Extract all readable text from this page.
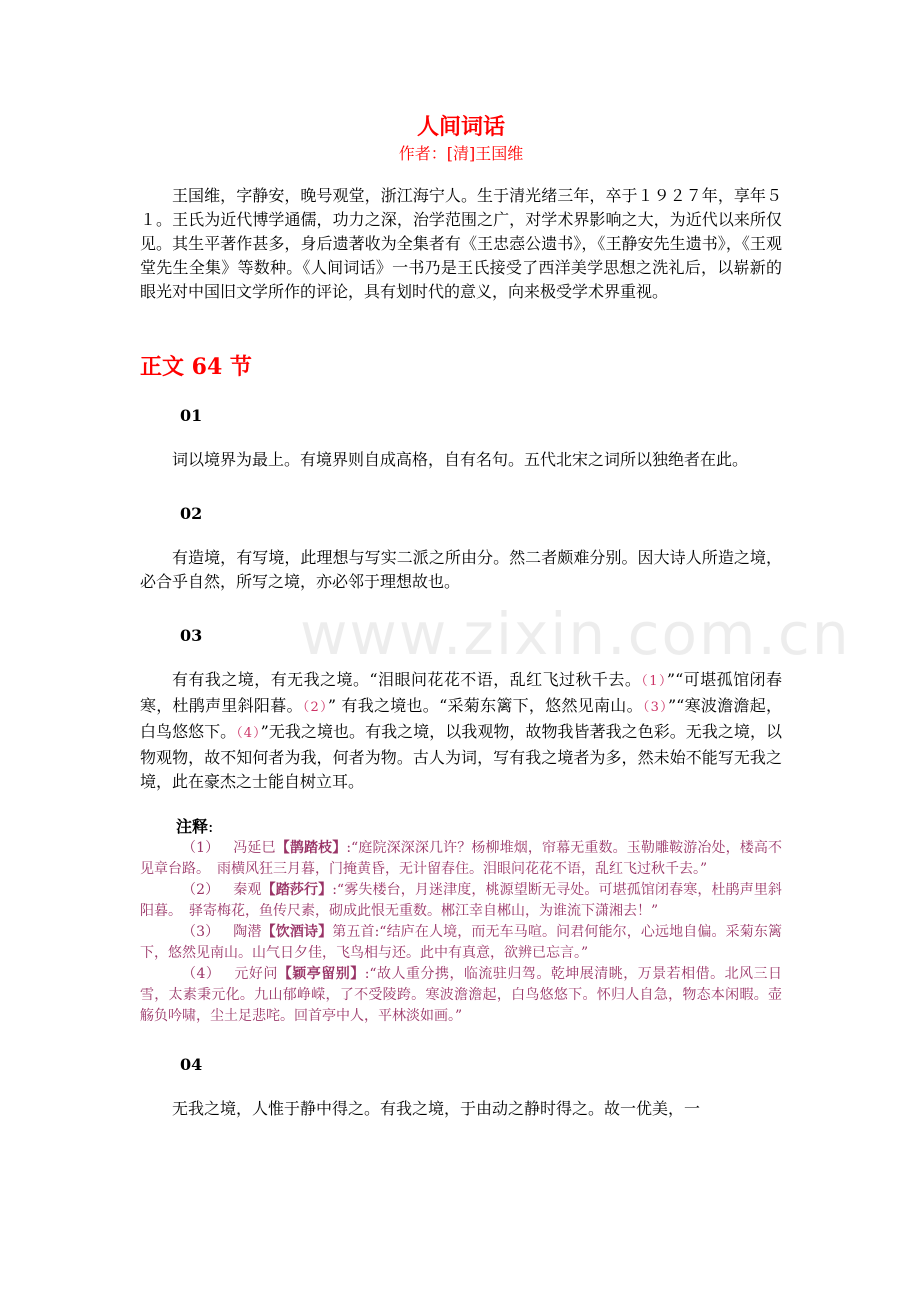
www.zixin.com.cn
人间词话
作者：[清]王国维

王国维，字静安，晚号观堂，浙江海宁人。生于清光绪三年，卒于１９２７年，享年５１。王氏为近代博学通儒，功力之深，治学范围之广，对学术界影响之大，为近代以来所仅见。其生平著作甚多，身后遗著收为全集者有《王忠悫公遗书》，《王静安先生遗书》，《王观堂先生全集》等数种。《人间词话》一书乃是王氏接受了西洋美学思想之洗礼后，以崭新的眼光对中国旧文学所作的评论，具有划时代的意义，向来极受学术界重视。

正文 64 节
01

词以境界为最上。有境界则自成高格，自有名句。五代北宋之词所以独绝者在此。

02

有造境，有写境，此理想与写实二派之所由分。然二者颇难分别。因大诗人所造之境，必合乎自然，所写之境，亦必邻于理想故也。

03

有有我之境，有无我之境。“泪眼问花花不语，乱红飞过秋千去。（1）”“可堪孤馆闭春寒，杜鹃声里斜阳暮。（2）” 有我之境也。“采菊东篱下，悠然见南山。（3）”“寒波澹澹起，白鸟悠悠下。（4）”无我之境也。有我之境，以我观物，故物我皆著我之色彩。无我之境，以物观物，故不知何者为我，何者为物。古人为词，写有我之境者为多，然未始不能写无我之境，此在豪杰之士能自树立耳。

注释:

（1） 冯延巳【鹊踏枝】:“庭院深深深几许？杨柳堆烟，帘幕无重数。玉勒雕鞍游冶处，楼高不见章台路。　雨横风狂三月暮，门掩黄昏，无计留春住。泪眼问花花不语，乱红飞过秋千去。”

（2） 秦观【踏莎行】:“雾失楼台，月迷津度，桃源望断无寻处。可堪孤馆闭春寒，杜鹃声里斜阳暮。　驿寄梅花，鱼传尺素，砌成此恨无重数。郴江幸自郴山，为谁流下潇湘去！”

（3） 陶潜【饮酒诗】第五首:“结庐在人境，而无车马喧。问君何能尔，心远地自偏。采菊东篱下，悠然见南山。山气日夕佳，飞鸟相与还。此中有真意，欲辨已忘言。”

（4） 元好问【颖亭留别】:“故人重分携，临流驻归驾。乾坤展清眺，万景若相借。北风三日雪，太素秉元化。九山郁峥嵘，了不受陵跨。寒波澹澹起，白鸟悠悠下。怀归人自急，物态本闲暇。壶觞负吟啸，尘土足悲咤。回首亭中人，平林淡如画。”

04

无我之境，人惟于静中得之。有我之境，于由动之静时得之。故一优美，一
